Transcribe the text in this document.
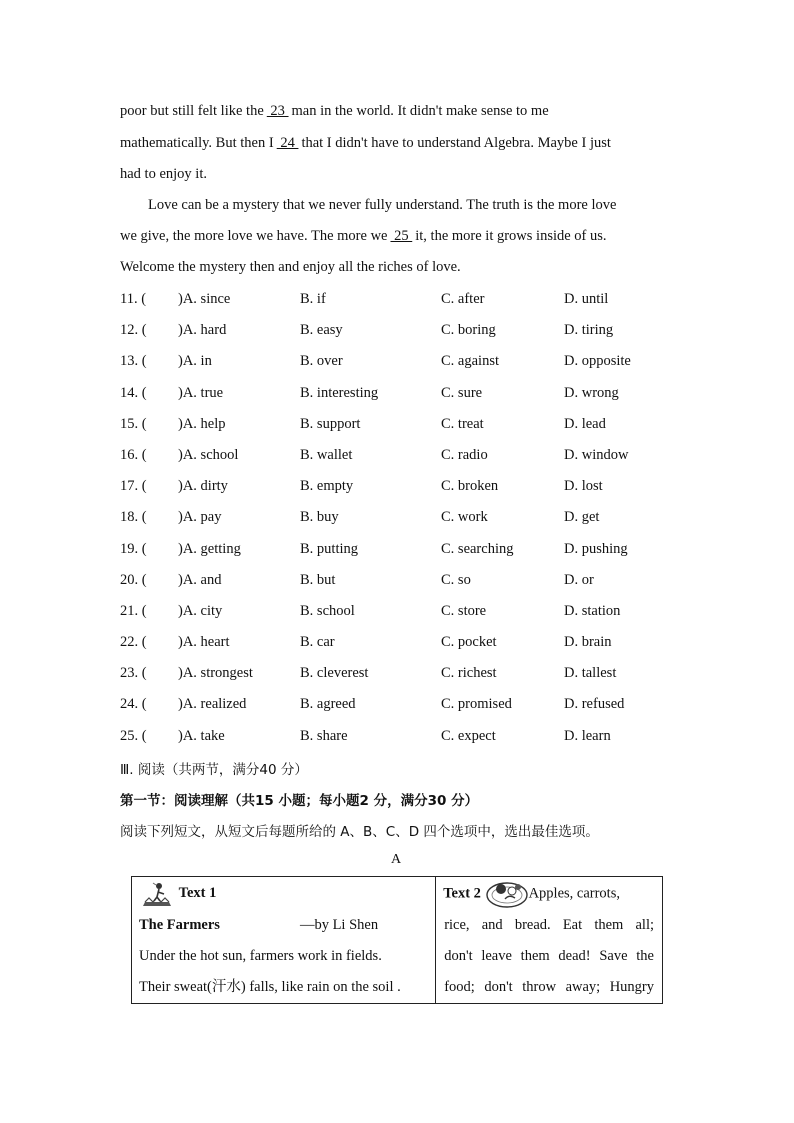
poor but still felt like the 23 man in the world. It didn't make sense to me
mathematically. But then I 24 that I didn't have to understand Algebra. Maybe I just
had to enjoy it.
Love can be a mystery that we never fully understand. The truth is the more love
we give, the more love we have. The more we 25 it, the more it grows inside of us.
Welcome the mystery then and enjoy all the riches of love.
11. ( )A. since	B. if	C. after	D. until
12. ( )A. hard	B. easy	C. boring	D. tiring
13. ( )A. in	B. over	C. against	D. opposite
14. ( )A. true	B. interesting	C. sure	D. wrong
15. ( )A. help	B. support	C. treat	D. lead
16. ( )A. school	B. wallet	C. radio	D. window
17. ( )A. dirty	B. empty	C. broken	D. lost
18. ( )A. pay	B. buy	C. work	D. get
19. ( )A. getting	B. putting	C. searching	D. pushing
20. ( )A. and	B. but	C. so	D. or
21. ( )A. city	B. school	C. store	D. station
22. ( )A. heart	B. car	C. pocket	D. brain
23. ( )A. strongest	B. cleverest	C. richest	D. tallest
24. ( )A. realized	B. agreed	C. promised	D. refused
25. ( )A. take	B. share	C. expect	D. learn
Ⅲ. 阅读（共两节，满分40 分）
第一节：阅读理解（共15 小题；每小题2 分，满分30 分）
阅读下列短文，从短文后每题所给的 A、B、C、D 四个选项中，选出最佳选项。
A
Text 1
The Farmers	—by Li Shen
Under the hot sun, farmers work in fields.
Their sweat(汗水) falls, like rain on the soil .

Text 2	Apples, carrots,
rice, and bread. Eat them all;
don't leave them dead! Save the
food; don't throw away; Hungry
